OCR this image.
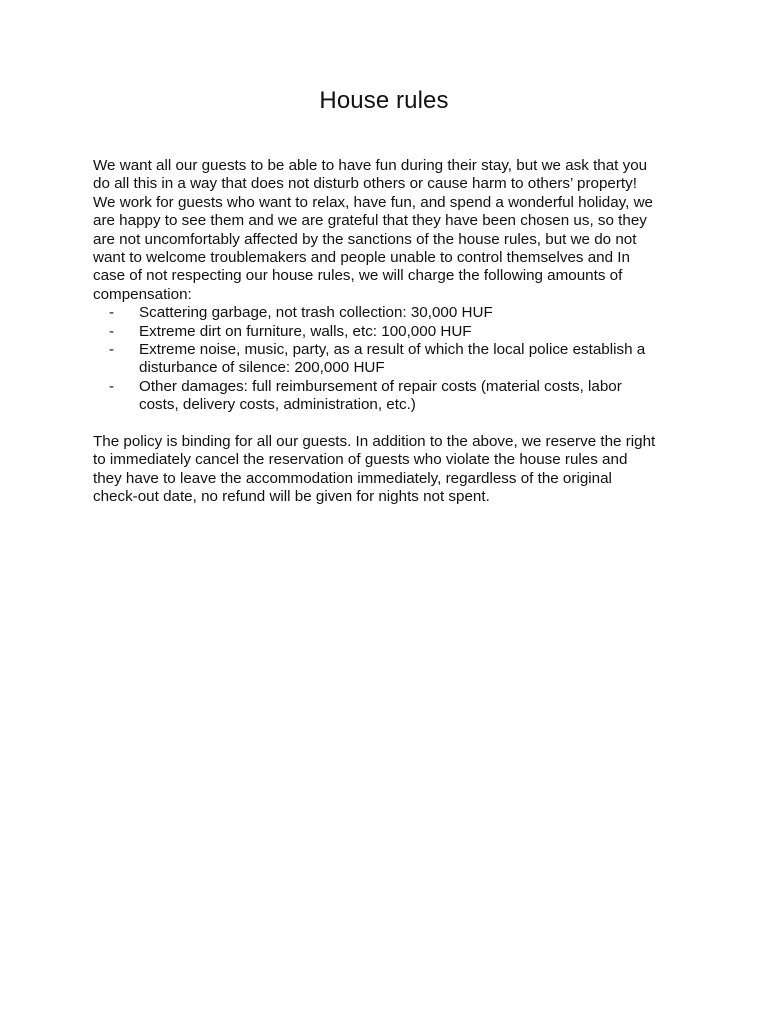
House rules
We want all our guests to be able to have fun during their stay, but we ask that you
do all this in a way that does not disturb others or cause harm to others’ property!
We work for guests who want to relax, have fun, and spend a wonderful holiday, we
are happy to see them and we are grateful that they have been chosen us, so they
are not uncomfortably affected by the sanctions of the house rules, but we do not
want to welcome troublemakers and people unable to control themselves and In
case of not respecting our house rules, we will charge the following amounts of
compensation:
- Scattering garbage, not trash collection: 30,000 HUF
- Extreme dirt on furniture, walls, etc: 100,000 HUF
- Extreme noise, music, party, as a result of which the local police establish a
disturbance of silence: 200,000 HUF
- Other damages: full reimbursement of repair costs (material costs, labor
costs, delivery costs, administration, etc.)
The policy is binding for all our guests. In addition to the above, we reserve the right
to immediately cancel the reservation of guests who violate the house rules and
they have to leave the accommodation immediately, regardless of the original
check-out date, no refund will be given for nights not spent.
